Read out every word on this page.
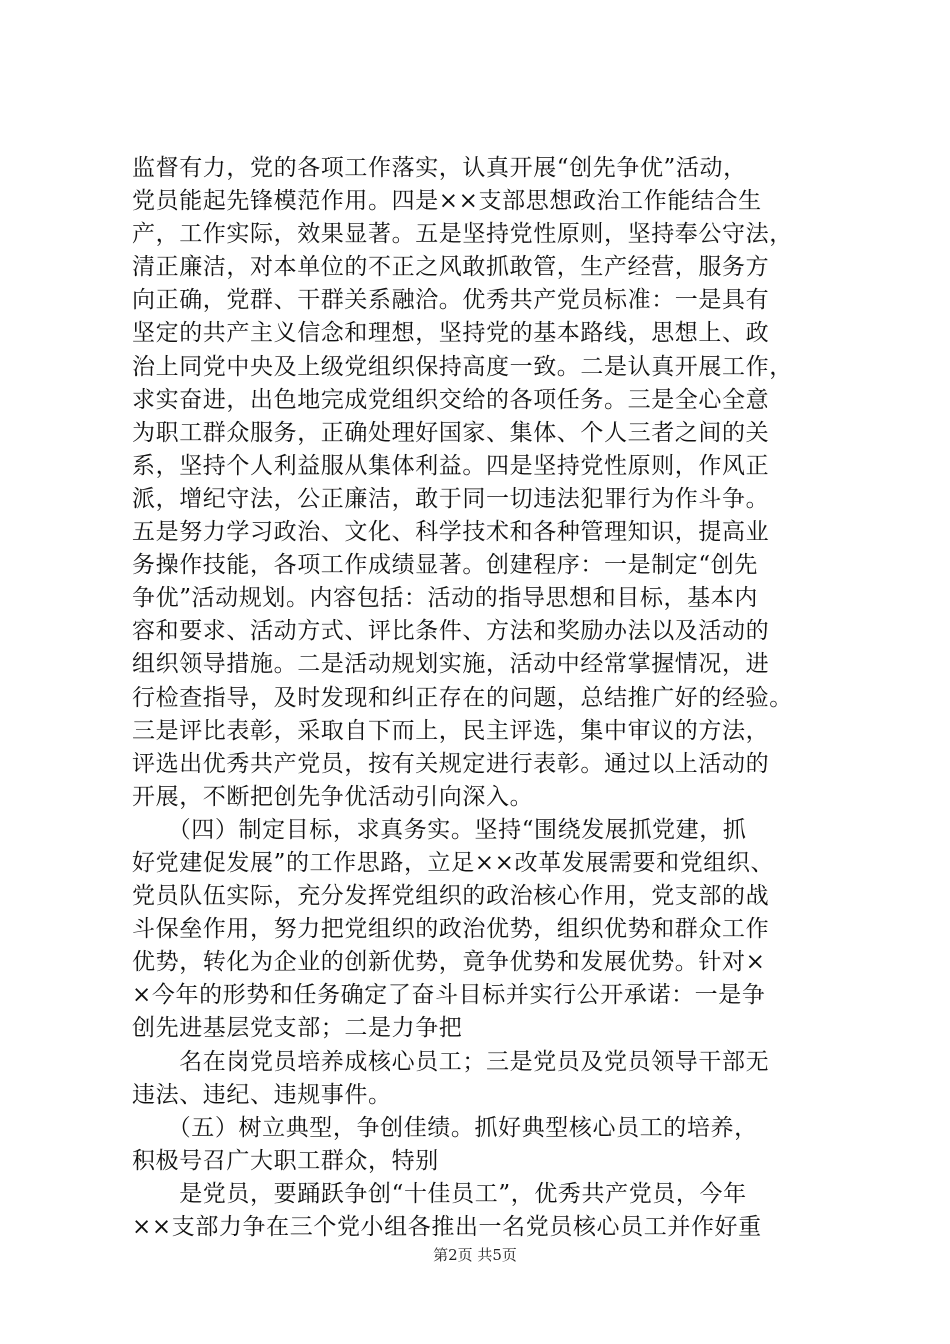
监督有力，党的各项工作落实，认真开展“创先争优”活动，
党员能起先锋模范作用。四是××支部思想政治工作能结合生
产，工作实际，效果显著。五是坚持党性原则，坚持奉公守法，
清正廉洁，对本单位的不正之风敢抓敢管，生产经营，服务方
向正确，党群、干群关系融洽。优秀共产党员标准：一是具有
坚定的共产主义信念和理想，坚持党的基本路线，思想上、政
治上同党中央及上级党组织保持高度一致。二是认真开展工作，
求实奋进，出色地完成党组织交给的各项任务。三是全心全意
为职工群众服务，正确处理好国家、集体、个人三者之间的关
系，坚持个人利益服从集体利益。四是坚持党性原则，作风正
派，增纪守法，公正廉洁，敢于同一切违法犯罪行为作斗争。
五是努力学习政治、文化、科学技术和各种管理知识，提高业
务操作技能，各项工作成绩显著。创建程序：一是制定“创先
争优”活动规划。内容包括：活动的指导思想和目标，基本内
容和要求、活动方式、评比条件、方法和奖励办法以及活动的
组织领导措施。二是活动规划实施，活动中经常掌握情况，进
行检查指导，及时发现和纠正存在的问题，总结推广好的经验。
三是评比表彰，采取自下而上，民主评选，集中审议的方法，
评选出优秀共产党员，按有关规定进行表彰。通过以上活动的
开展，不断把创先争优活动引向深入。
　　（四）制定目标，求真务实。坚持“围绕发展抓党建，抓
好党建促发展”的工作思路，立足××改革发展需要和党组织、
党员队伍实际，充分发挥党组织的政治核心作用，党支部的战
斗保垒作用，努力把党组织的政治优势，组织优势和群众工作
优势，转化为企业的创新优势，竟争优势和发展优势。针对×
×今年的形势和任务确定了奋斗目标并实行公开承诺：一是争
创先进基层党支部；二是力争把
　　名在岗党员培养成核心员工；三是党员及党员领导干部无
违法、违纪、违规事件。
　　（五）树立典型，争创佳绩。抓好典型核心员工的培养，
积极号召广大职工群众，特别
　　是党员，要踊跃争创“十佳员工”，优秀共产党员，今年
××支部力争在三个党小组各推出一名党员核心员工并作好重
第2页 共5页
